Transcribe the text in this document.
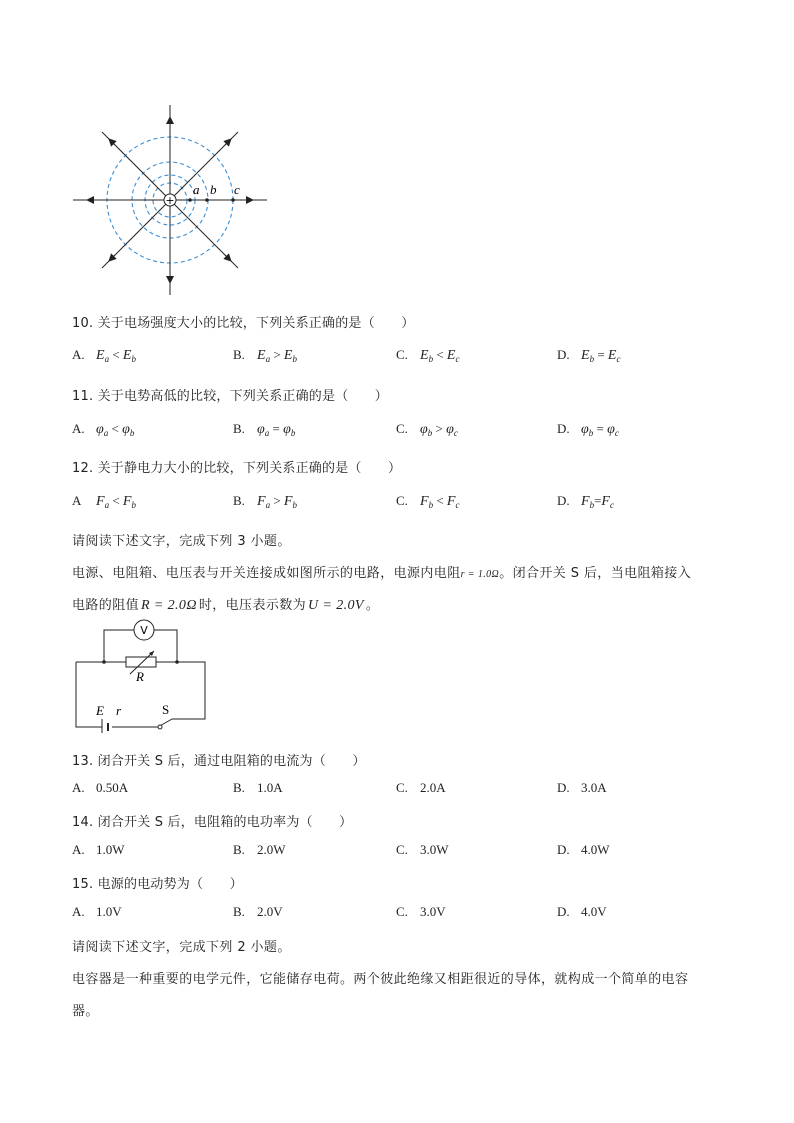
+
a b c
10. 关于电场强度大小的比较，下列关系正确的是（　　）
A. $E_a < E_b$	B. $E_a > E_b$	C. $E_b < E_c$	D. $E_b = E_c$
11. 关于电势高低的比较，下列关系正确的是（　　）
A. $\varphi_a < \varphi_b$	B. $\varphi_a = \varphi_b$	C. $\varphi_b > \varphi_c$	D. $\varphi_b = \varphi_c$
12. 关于静电力大小的比较，下列关系正确的是（　　）
A $F_a < F_b$	B. $F_a > F_b$	C. $F_b < F_c$	D. $F_b=F_c$
请阅读下述文字，完成下列 3 小题。
电源、电阻箱、电压表与开关连接成如图所示的电路，电源内电阻r = 1.0Ω。闭合开关 S 后，当电阻箱接入
电路的阻值 R = 2.0Ω 时，电压表示数为 U = 2.0V 。
V
R
E r	S
13. 闭合开关 S 后，通过电阻箱的电流为（　　）
A. 0.50A	B. 1.0A	C. 2.0A	D. 3.0A
14. 闭合开关 S 后，电阻箱的电功率为（　　）
A. 1.0W	B. 2.0W	C. 3.0W	D. 4.0W
15. 电源的电动势为（　　）
A. 1.0V	B. 2.0V	C. 3.0V	D. 4.0V
请阅读下述文字，完成下列 2 小题。
电容器是一种重要的电学元件，它能储存电荷。两个彼此绝缘又相距很近的导体，就构成一个简单的电容
器。
